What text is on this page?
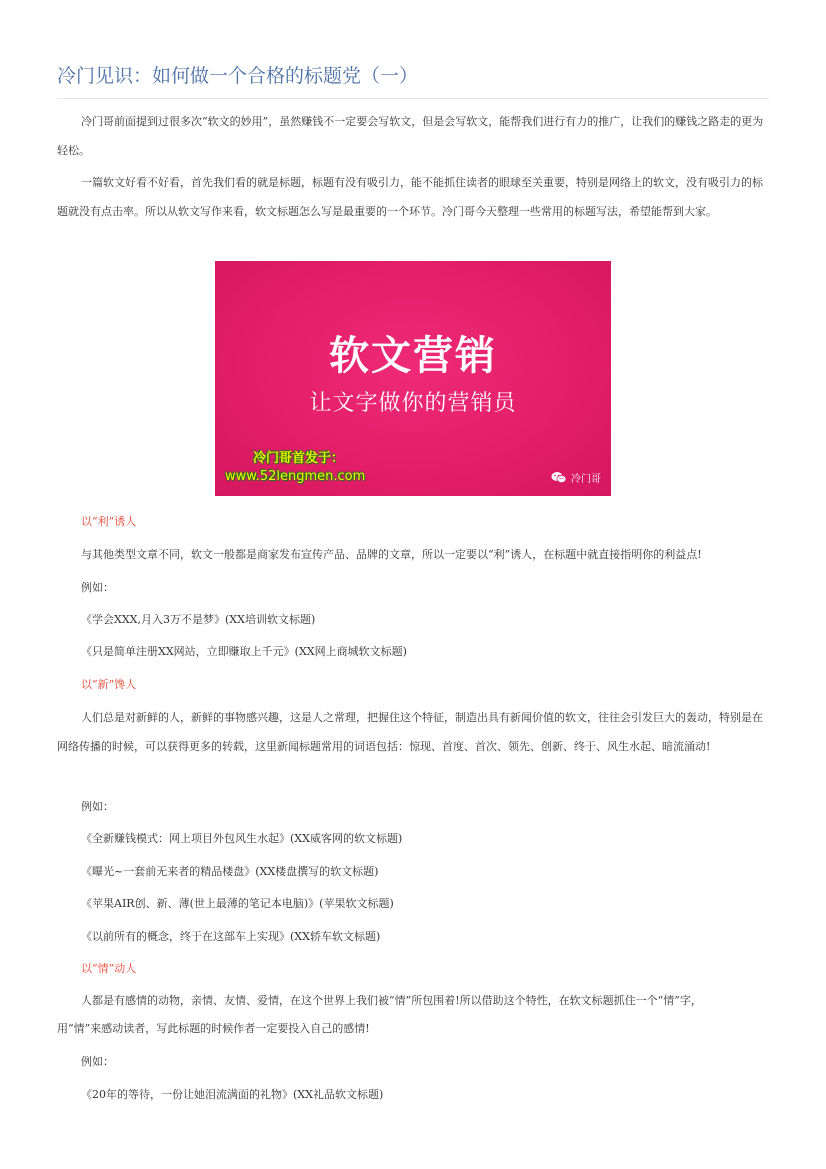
冷门见识：如何做一个合格的标题党（一）

冷门哥前面提到过很多次“软文的妙用”，虽然赚钱不一定要会写软文，但是会写软文，能帮我们进行有力的推广，让我们的赚钱之路走的更为轻松。

一篇软文好看不好看，首先我们看的就是标题，标题有没有吸引力，能不能抓住读者的眼球至关重要，特别是网络上的软文，没有吸引力的标题就没有点击率。所以从软文写作来看，软文标题怎么写是最重要的一个环节。冷门哥今天整理一些常用的标题写法，希望能帮到大家。

软文营销
让文字做你的营销员
冷门哥首发于：
www.52lengmen.com	冷门哥

以“利”诱人

与其他类型文章不同，软文一般都是商家发布宣传产品、品牌的文章，所以一定要以“利”诱人，在标题中就直接指明你的利益点!

例如：

《学会XXX,月入3万不是梦》(XX培训软文标题)

《只是简单注册XX网站，立即赚取上千元》(XX网上商城软文标题)

以“新”馋人

人们总是对新鲜的人，新鲜的事物感兴趣，这是人之常理，把握住这个特征，制造出具有新闻价值的软文，往往会引发巨大的轰动，特别是在网络传播的时候，可以获得更多的转载，这里新闻标题常用的词语包括：惊现、首度、首次、领先、创新、终于、风生水起、暗流涌动!

例如：

《全新赚钱模式：网上项目外包风生水起》(XX威客网的软文标题)

《曝光~一套前无来者的精品楼盘》(XX楼盘撰写的软文标题)

《苹果AIR创、新、薄(世上最薄的笔记本电脑)》(苹果软文标题)

《以前所有的概念，终于在这部车上实现》(XX轿车软文标题)

以“情”动人

人都是有感情的动物，亲情、友情、爱情，在这个世界上我们被“情”所包围着!所以借助这个特性，在软文标题抓住一个“情”字，

用“情”来感动读者，写此标题的时候作者一定要投入自己的感情!

例如：

《20年的等待，一份让她泪流满面的礼物》(XX礼品软文标题)
